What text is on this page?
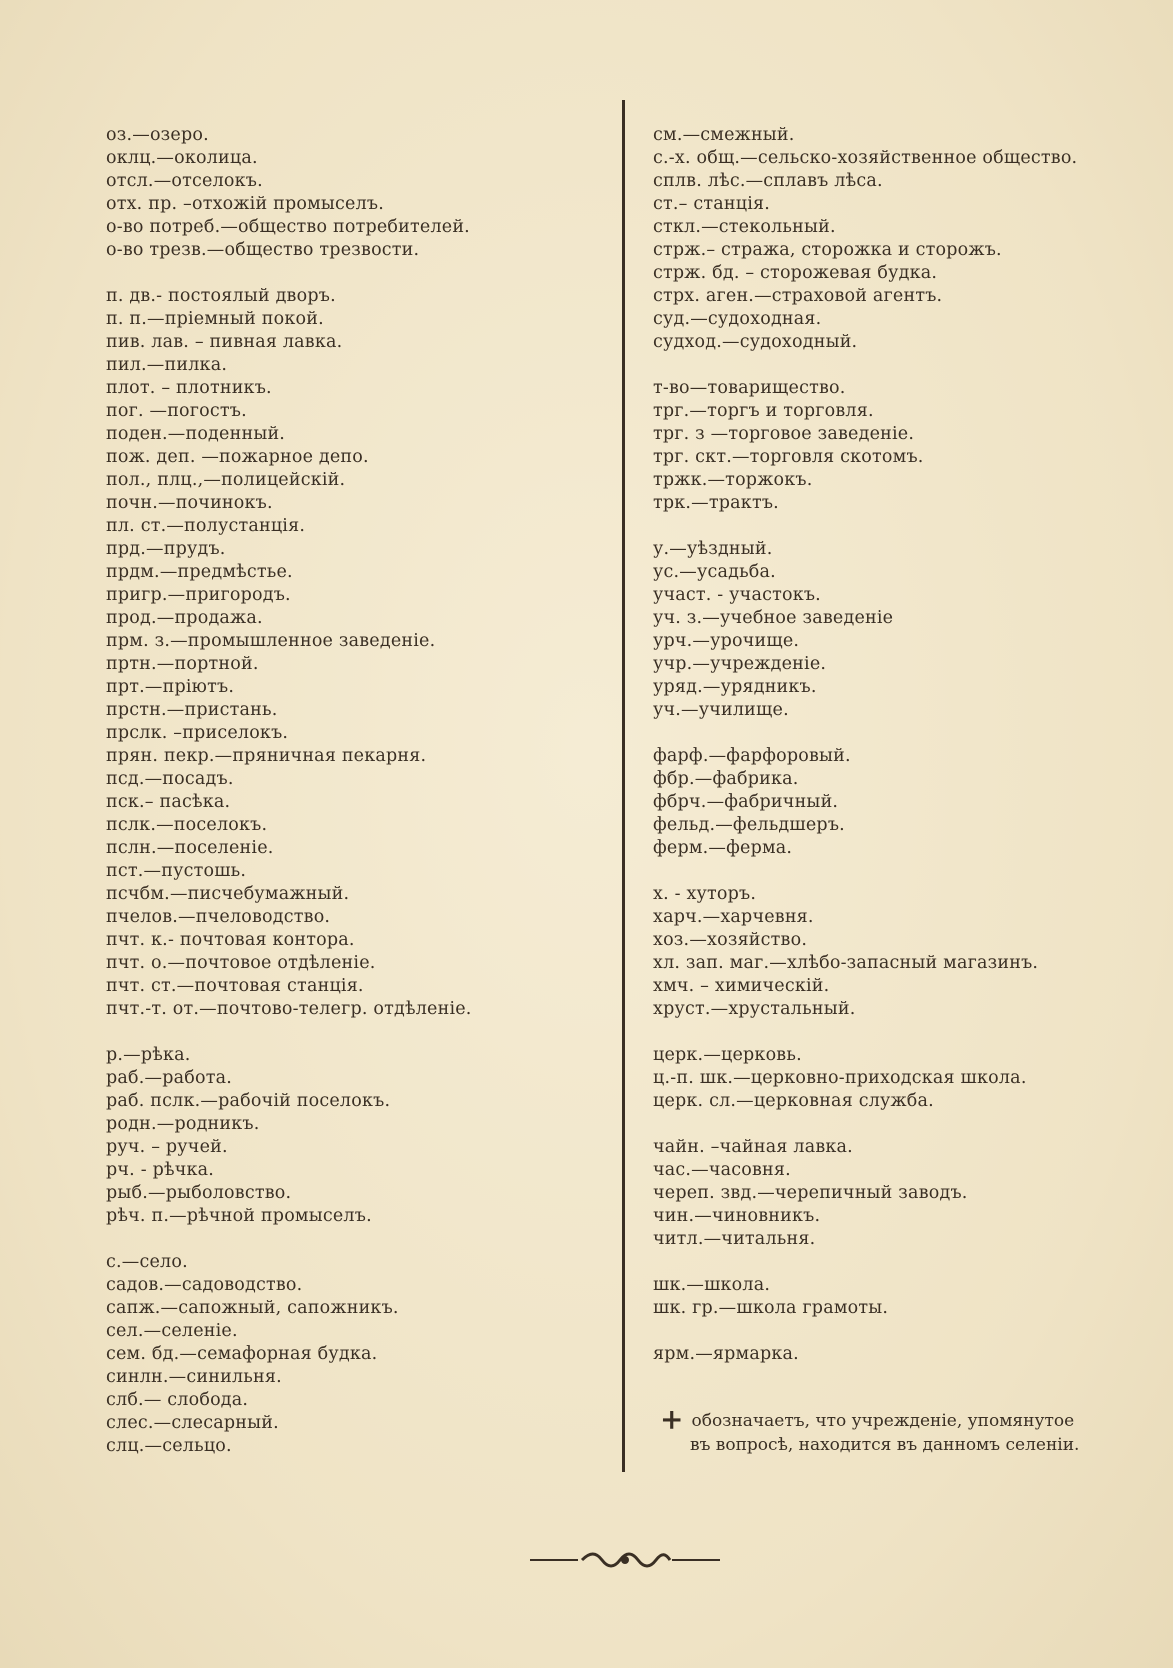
оз.—озеро.
оклц.—околица.
отсл.—отселокъ.
отх. пр. –отхожій промыселъ.
о-во потреб.—общество потребителей.
о-во трезв.—общество трезвости.
п. дв.- постоялый дворъ.
п. п.—пріемный покой.
пив. лав. – пивная лавка.
пил.—пилка.
плот. – плотникъ.
пог. —погостъ.
поден.—поденный.
пож. деп. —пожарное депо.
пол., плц.,—полицейскій.
почн.—починокъ.
пл. ст.—полустанція.
прд.—прудъ.
прдм.—предмѣстье.
пригр.—пригородъ.
прод.—продажа.
прм. з.—промышленное заведеніе.
пртн.—портной.
прт.—пріютъ.
прстн.—пристань.
прслк. –приселокъ.
прян. пекр.—пряничная пекарня.
псд.—посадъ.
пск.– пасѣка.
пслк.—поселокъ.
пслн.—поселеніе.
пст.—пустошь.
псчбм.—писчебумажный.
пчелов.—пчеловодство.
пчт. к.- почтовая контора.
пчт. о.—почтовое отдѣленіе.
пчт. ст.—почтовая станція.
пчт.-т. от.—почтово-телегр. отдѣленіе.
р.—рѣка.
раб.—работа.
раб. пслк.—рабочій поселокъ.
родн.—родникъ.
руч. – ручей.
рч. - рѣчка.
рыб.—рыболовство.
рѣч. п.—рѣчной промыселъ.
с.—село.
садов.—садоводство.
сапж.—сапожный, сапожникъ.
сел.—селеніе.
сем. бд.—семафорная будка.
синлн.—синильня.
слб.— слобода.
слес.—слесарный.
слц.—сельцо.
см.—смежный.
с.-х. общ.—сельско-хозяйственное общество.
сплв. лѣс.—сплавъ лѣса.
ст.– станція.
сткл.—стекольный.
стрж.– стража, сторожка и сторожъ.
стрж. бд. – сторожевая будка.
стрх. аген.—страховой агентъ.
суд.—судоходная.
судход.—судоходный.
т-во—товарищество.
трг.—торгъ и торговля.
трг. з —торговое заведеніе.
трг. скт.—торговля скотомъ.
тржк.—торжокъ.
трк.—трактъ.
у.—уѣздный.
ус.—усадьба.
участ. - участокъ.
уч. з.—учебное заведеніе
урч.—урочище.
учр.—учрежденіе.
уряд.—урядникъ.
уч.—училище.
фарф.—фарфоровый.
фбр.—фабрика.
фбрч.—фабричный.
фельд.—фельдшеръ.
ферм.—ферма.
х. - хуторъ.
харч.—харчевня.
хоз.—хозяйство.
хл. зап. маг.—хлѣбо-запасный магазинъ.
хмч. – химическій.
хруст.—хрустальный.
церк.—церковь.
ц.-п. шк.—церковно-приходская школа.
церк. сл.—церковная служба.
чайн. –чайная лавка.
час.—часовня.
череп. звд.—черепичный заводъ.
чин.—чиновникъ.
читл.—читальня.
шк.—школа.
шк. гр.—школа грамоты.
ярм.—ярмарка.
+ обозначаетъ, что учрежденіе, упомянутое
въ вопросѣ, находится въ данномъ селеніи.
